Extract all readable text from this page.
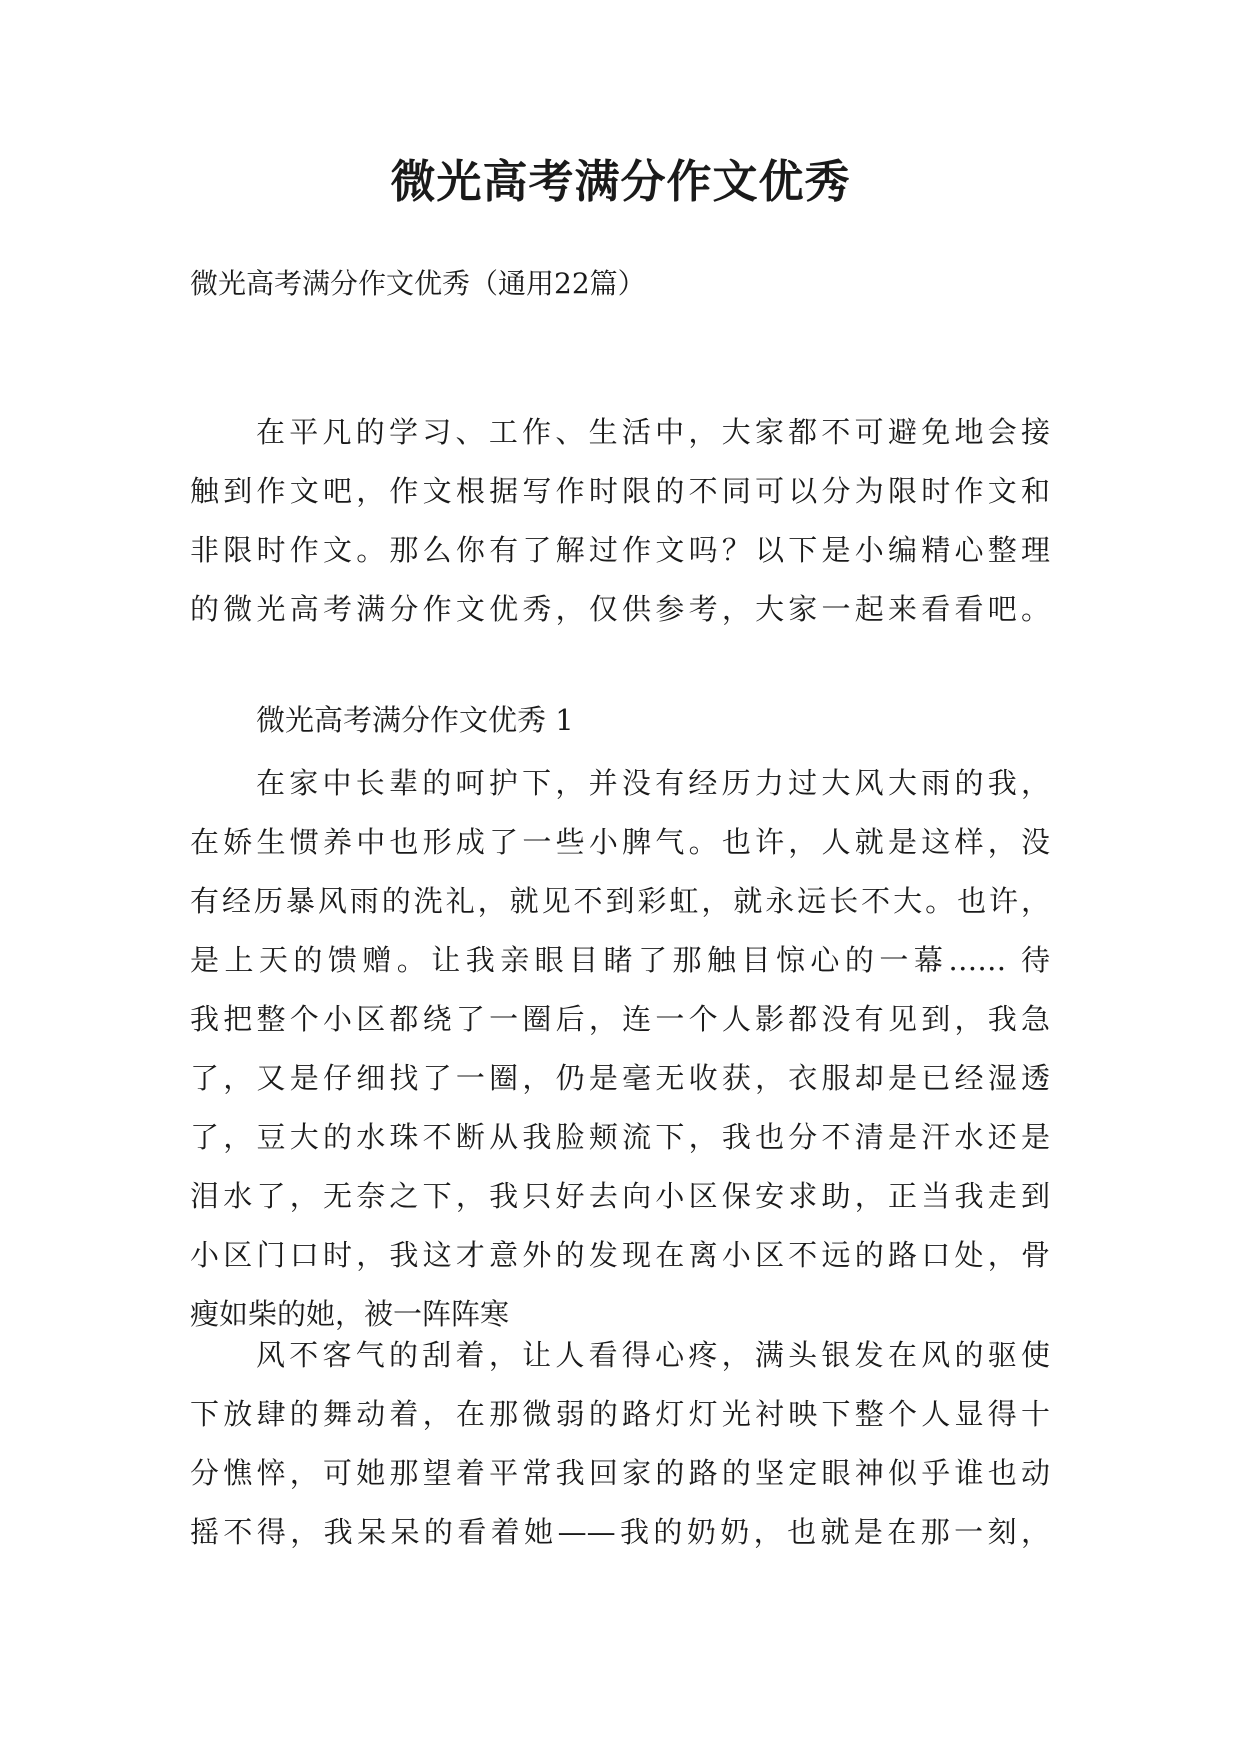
微光高考满分作文优秀
微光高考满分作文优秀（通用22篇）
在平凡的学习、工作、生活中，大家都不可避免地会接
触到作文吧，作文根据写作时限的不同可以分为限时作文和
非限时作文。那么你有了解过作文吗？以下是小编精心整理
的微光高考满分作文优秀，仅供参考，大家一起来看看吧。
微光高考满分作文优秀 1
在家中长辈的呵护下，并没有经历力过大风大雨的我，
在娇生惯养中也形成了一些小脾气。也许，人就是这样，没
有经历暴风雨的洗礼，就见不到彩虹，就永远长不大。也许，
是上天的馈赠。让我亲眼目睹了那触目惊心的一幕…… 待
我把整个小区都绕了一圈后，连一个人影都没有见到，我急
了，又是仔细找了一圈，仍是毫无收获，衣服却是已经湿透
了，豆大的水珠不断从我脸颊流下，我也分不清是汗水还是
泪水了，无奈之下，我只好去向小区保安求助，正当我走到
小区门口时，我这才意外的发现在离小区不远的路口处，骨
瘦如柴的她，被一阵阵寒
风不客气的刮着，让人看得心疼，满头银发在风的驱使
下放肆的舞动着，在那微弱的路灯灯光衬映下整个人显得十
分憔悴，可她那望着平常我回家的路的坚定眼神似乎谁也动
摇不得，我呆呆的看着她——我的奶奶，也就是在那一刻，
